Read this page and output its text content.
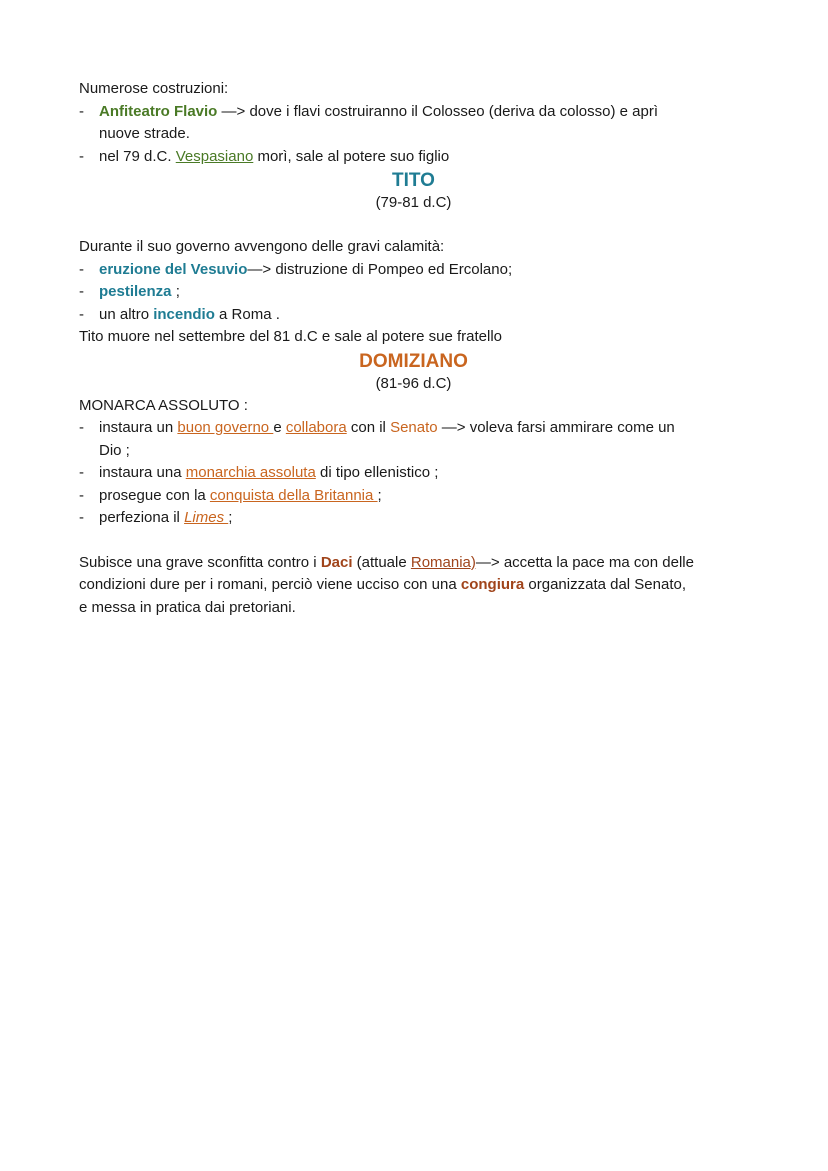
Numerose costruzioni:
- Anfiteatro Flavio —> dove i flavi costruiranno il Colosseo (deriva da colosso) e aprì
nuove strade.
- nel 79 d.C. Vespasiano morì, sale al potere suo figlio
TITO
(79-81 d.C)
Durante il suo governo avvengono delle gravi calamità:
- eruzione del Vesuvio—> distruzione di Pompeo ed Ercolano;
- pestilenza ;
- un altro incendio a Roma .
Tito muore nel settembre del 81 d.C e sale al potere sue fratello
DOMIZIANO
(81-96 d.C)
MONARCA ASSOLUTO :
- instaura un buon governo e collabora con il Senato —> voleva farsi ammirare come un
Dio ;
- instaura una monarchia assoluta di tipo ellenistico ;
- prosegue con la conquista della Britannia ;
- perfeziona il Limes ;
Subisce una grave sconfitta contro i Daci (attuale Romania)—> accetta la pace ma con delle
condizioni dure per i romani, perciò viene ucciso con una congiura organizzata dal Senato,
e messa in pratica dai pretoriani.
